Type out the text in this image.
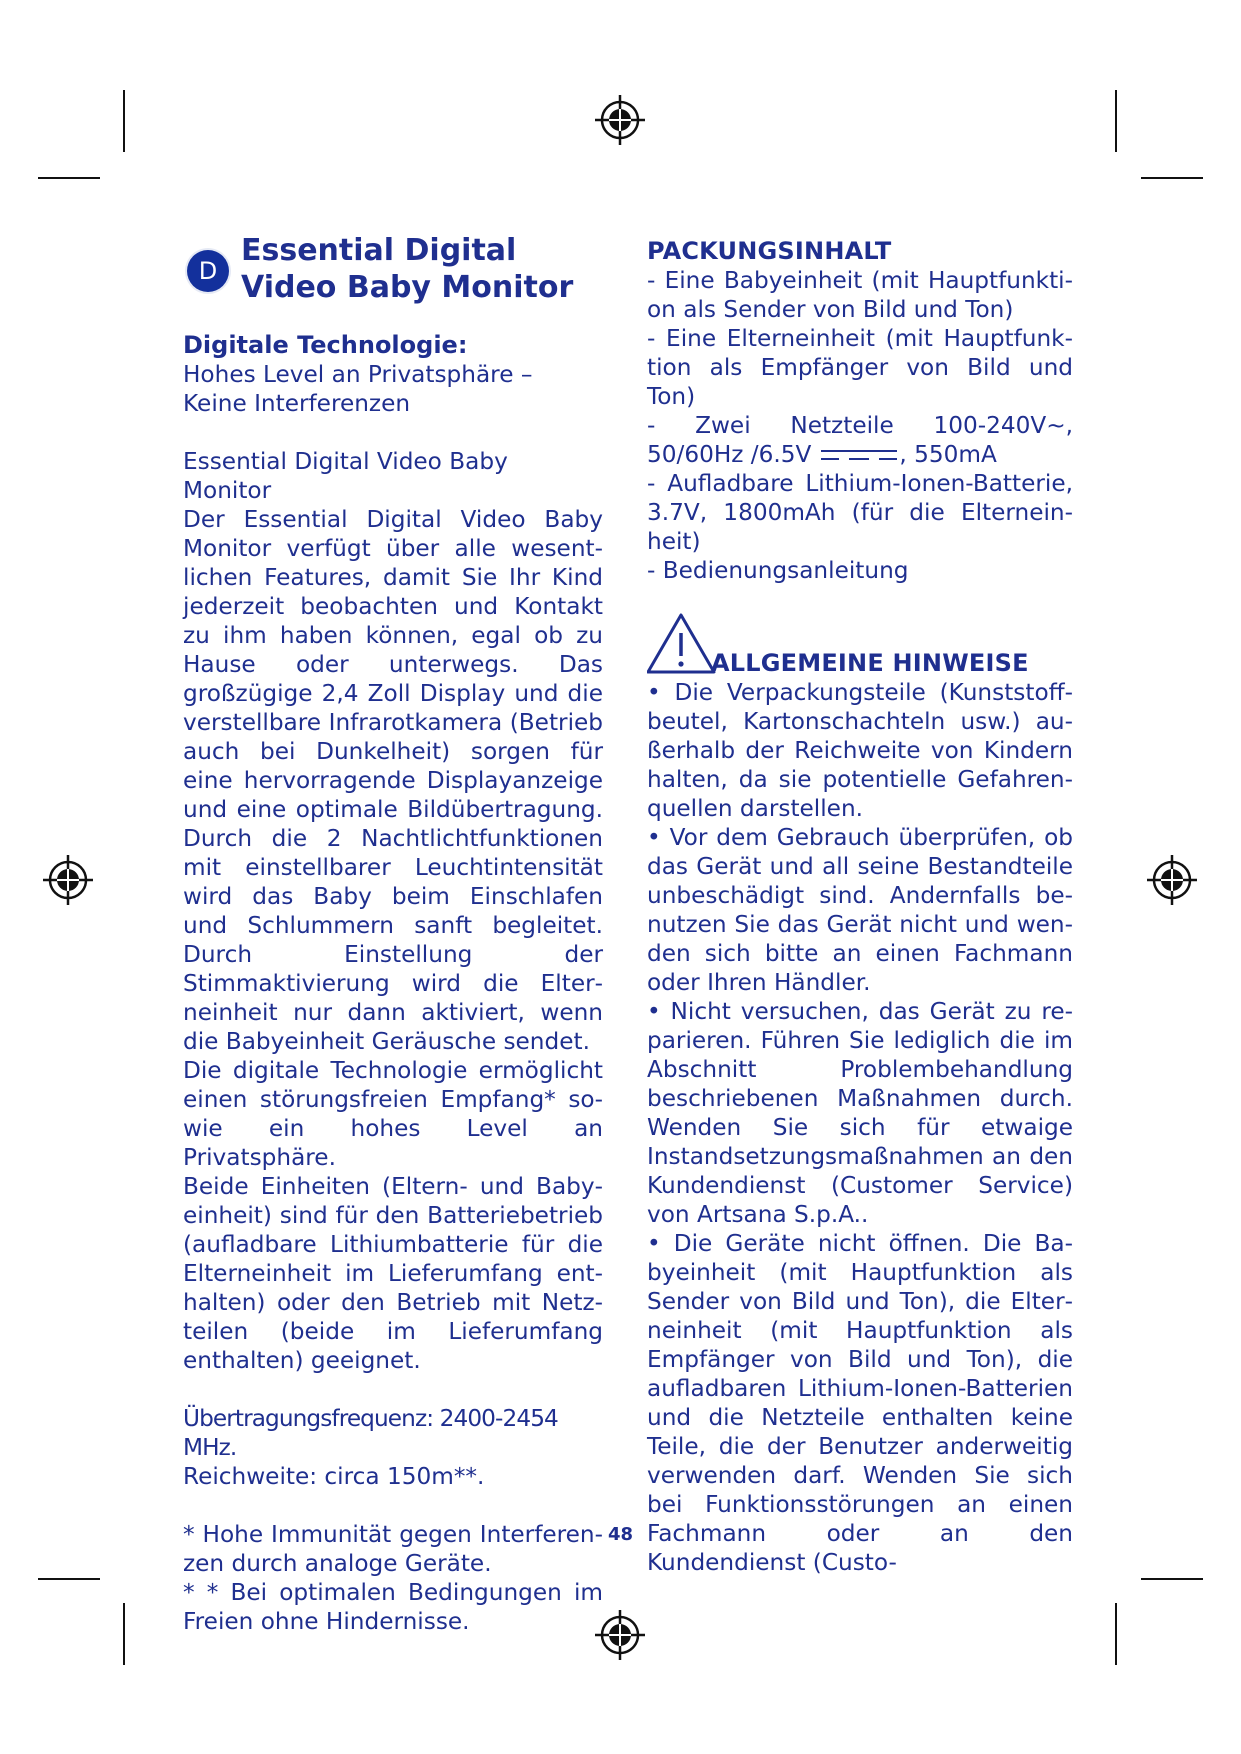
D
Essential Digital Video Baby Monitor

Digitale Technologie:

Hohes Level an Privatsphäre – Keine Interferenzen

Essential Digital Video Baby Monitor

Der Essential Digital Video Baby Monitor verfügt über alle wesentlichen Features, damit Sie Ihr Kind jederzeit beobachten und Kontakt zu ihm haben können, egal ob zu Hause oder unterwegs. Das großzügige 2,4 Zoll Display und die verstellbare Infrarotkamera (Betrieb auch bei Dunkelheit) sorgen für eine hervorragende Displayanzeige und eine optimale Bildübertragung. Durch die 2 Nachtlichtfunktionen mit einstellbarer Leuchtintensität wird das Baby beim Einschlafen und Schlummern sanft begleitet. Durch Einstellung der Stimmaktivierung wird die Elterneinheit nur dann aktiviert, wenn die Babyeinheit Geräusche sendet.

Die digitale Technologie ermöglicht einen störungsfreien Empfang* sowie ein hohes Level an Privatsphäre.

Beide Einheiten (Eltern- und Babyeinheit) sind für den Batteriebetrieb (aufladbare Lithiumbatterie für die Elterneinheit im Lieferumfang enthalten) oder den Betrieb mit Netzteilen (beide im Lieferumfang enthalten) geeignet.

Übertragungsfrequenz: 2400-2454 MHz.

Reichweite: circa 150m**.

* Hohe Immunität gegen Interferenzen durch analoge Geräte.

* * Bei optimalen Bedingungen im Freien ohne Hindernisse.

PACKUNGSINHALT

- Eine Babyeinheit (mit Hauptfunktion als Sender von Bild und Ton)

- Eine Elterneinheit (mit Hauptfunktion als Empfänger von Bild und Ton)

- Zwei Netzteile 100-240V~, 50/60Hz /6.5V	, 550mA

- Aufladbare Lithium-Ionen-Batterie, 3.7V, 1800mAh (für die Elterneinheit)

- Bedienungsanleitung

ALLGEMEINE HINWEISE

• Die Verpackungsteile (Kunststoffbeutel, Kartonschachteln usw.) außerhalb der Reichweite von Kindern halten, da sie potentielle Gefahrenquellen darstellen.

• Vor dem Gebrauch überprüfen, ob das Gerät und all seine Bestandteile unbeschädigt sind. Andernfalls benutzen Sie das Gerät nicht und wenden sich bitte an einen Fachmann oder Ihren Händler.

• Nicht versuchen, das Gerät zu reparieren. Führen Sie lediglich die im Abschnitt Problembehandlung beschriebenen Maßnahmen durch. Wenden Sie sich für etwaige Instandsetzungsmaßnahmen an den Kundendienst (Customer Service) von Artsana S.p.A..

• Die Geräte nicht öffnen. Die Babyeinheit (mit Hauptfunktion als Sender von Bild und Ton), die Elterneinheit (mit Hauptfunktion als Empfänger von Bild und Ton), die aufladbaren Lithium-Ionen-Batterien und die Netzteile enthalten keine Teile, die der Benutzer anderweitig verwenden darf. Wenden Sie sich bei Funktionsstörungen an einen Fachmann oder an den Kundendienst (Custo-

48
